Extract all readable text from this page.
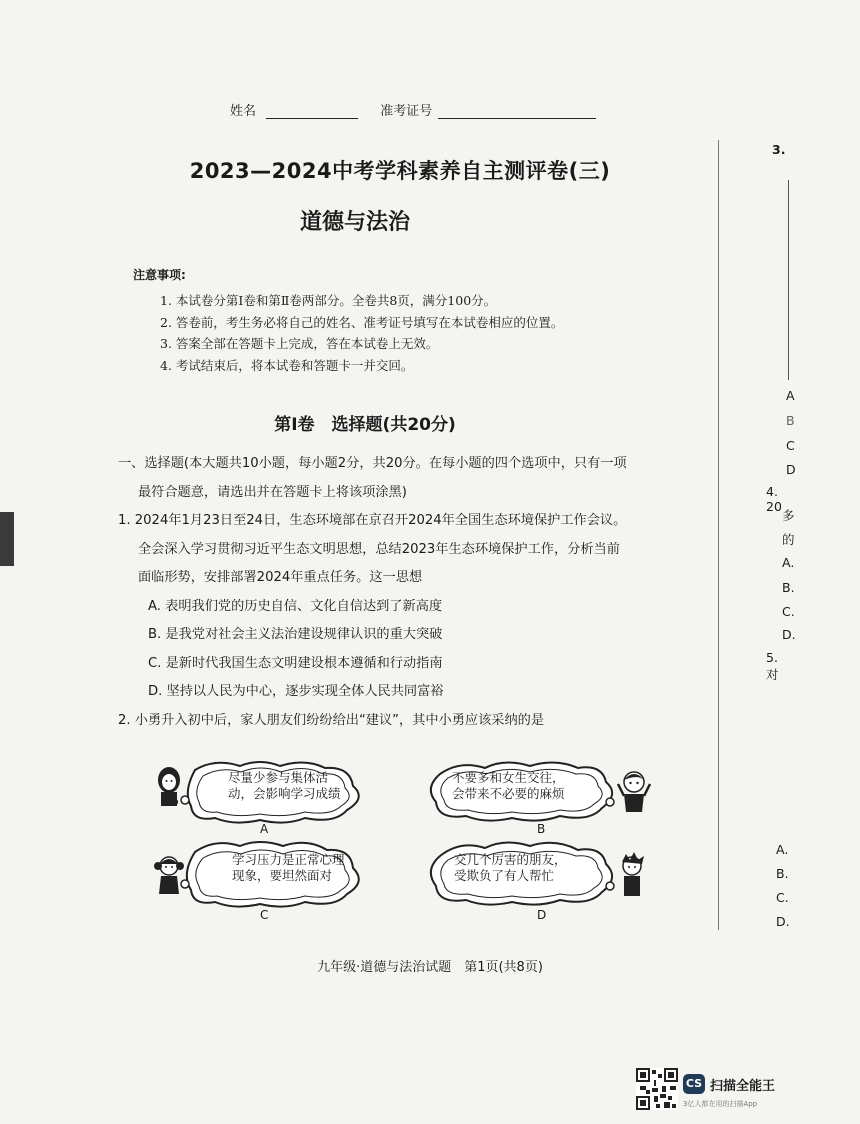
姓名	准考证号
2023—2024中考学科素养自主测评卷(三)
道德与法治
注意事项:
1. 本试卷分第Ⅰ卷和第Ⅱ卷两部分。全卷共8页，满分100分。
2. 答卷前，考生务必将自己的姓名、准考证号填写在本试卷相应的位置。
3. 答案全部在答题卡上完成，答在本试卷上无效。
4. 考试结束后，将本试卷和答题卡一并交回。
第Ⅰ卷　选择题(共20分)
一、选择题(本大题共10小题，每小题2分，共20分。在每小题的四个选项中，只有一项
最符合题意，请选出并在答题卡上将该项涂黑)
1. 2024年1月23日至24日，生态环境部在京召开2024年全国生态环境保护工作会议。
全会深入学习贯彻习近平生态文明思想，总结2023年生态环境保护工作，分析当前
面临形势，安排部署2024年重点任务。这一思想
A. 表明我们党的历史自信、文化自信达到了新高度
B. 是我党对社会主义法治建设规律认识的重大突破
C. 是新时代我国生态文明建设根本遵循和行动指南
D. 坚持以人民为中心，逐步实现全体人民共同富裕
2. 小勇升入初中后，家人朋友们纷纷给出“建议”，其中小勇应该采纳的是
尽量少参与集体活
动，会影响学习成绩
A
不要多和女生交往，
会带来不必要的麻烦
B
学习压力是正常心理
现象，要坦然面对
C
交几个厉害的朋友，
受欺负了有人帮忙
D
九年级·道德与法治试题　第1页(共8页)
3.
A
B
C
D
4. 20
多
的
A.
B.
C.
D.
5. 对
A.
B.
C.
D.
CS 扫描全能王
3亿人都在用的扫描App
